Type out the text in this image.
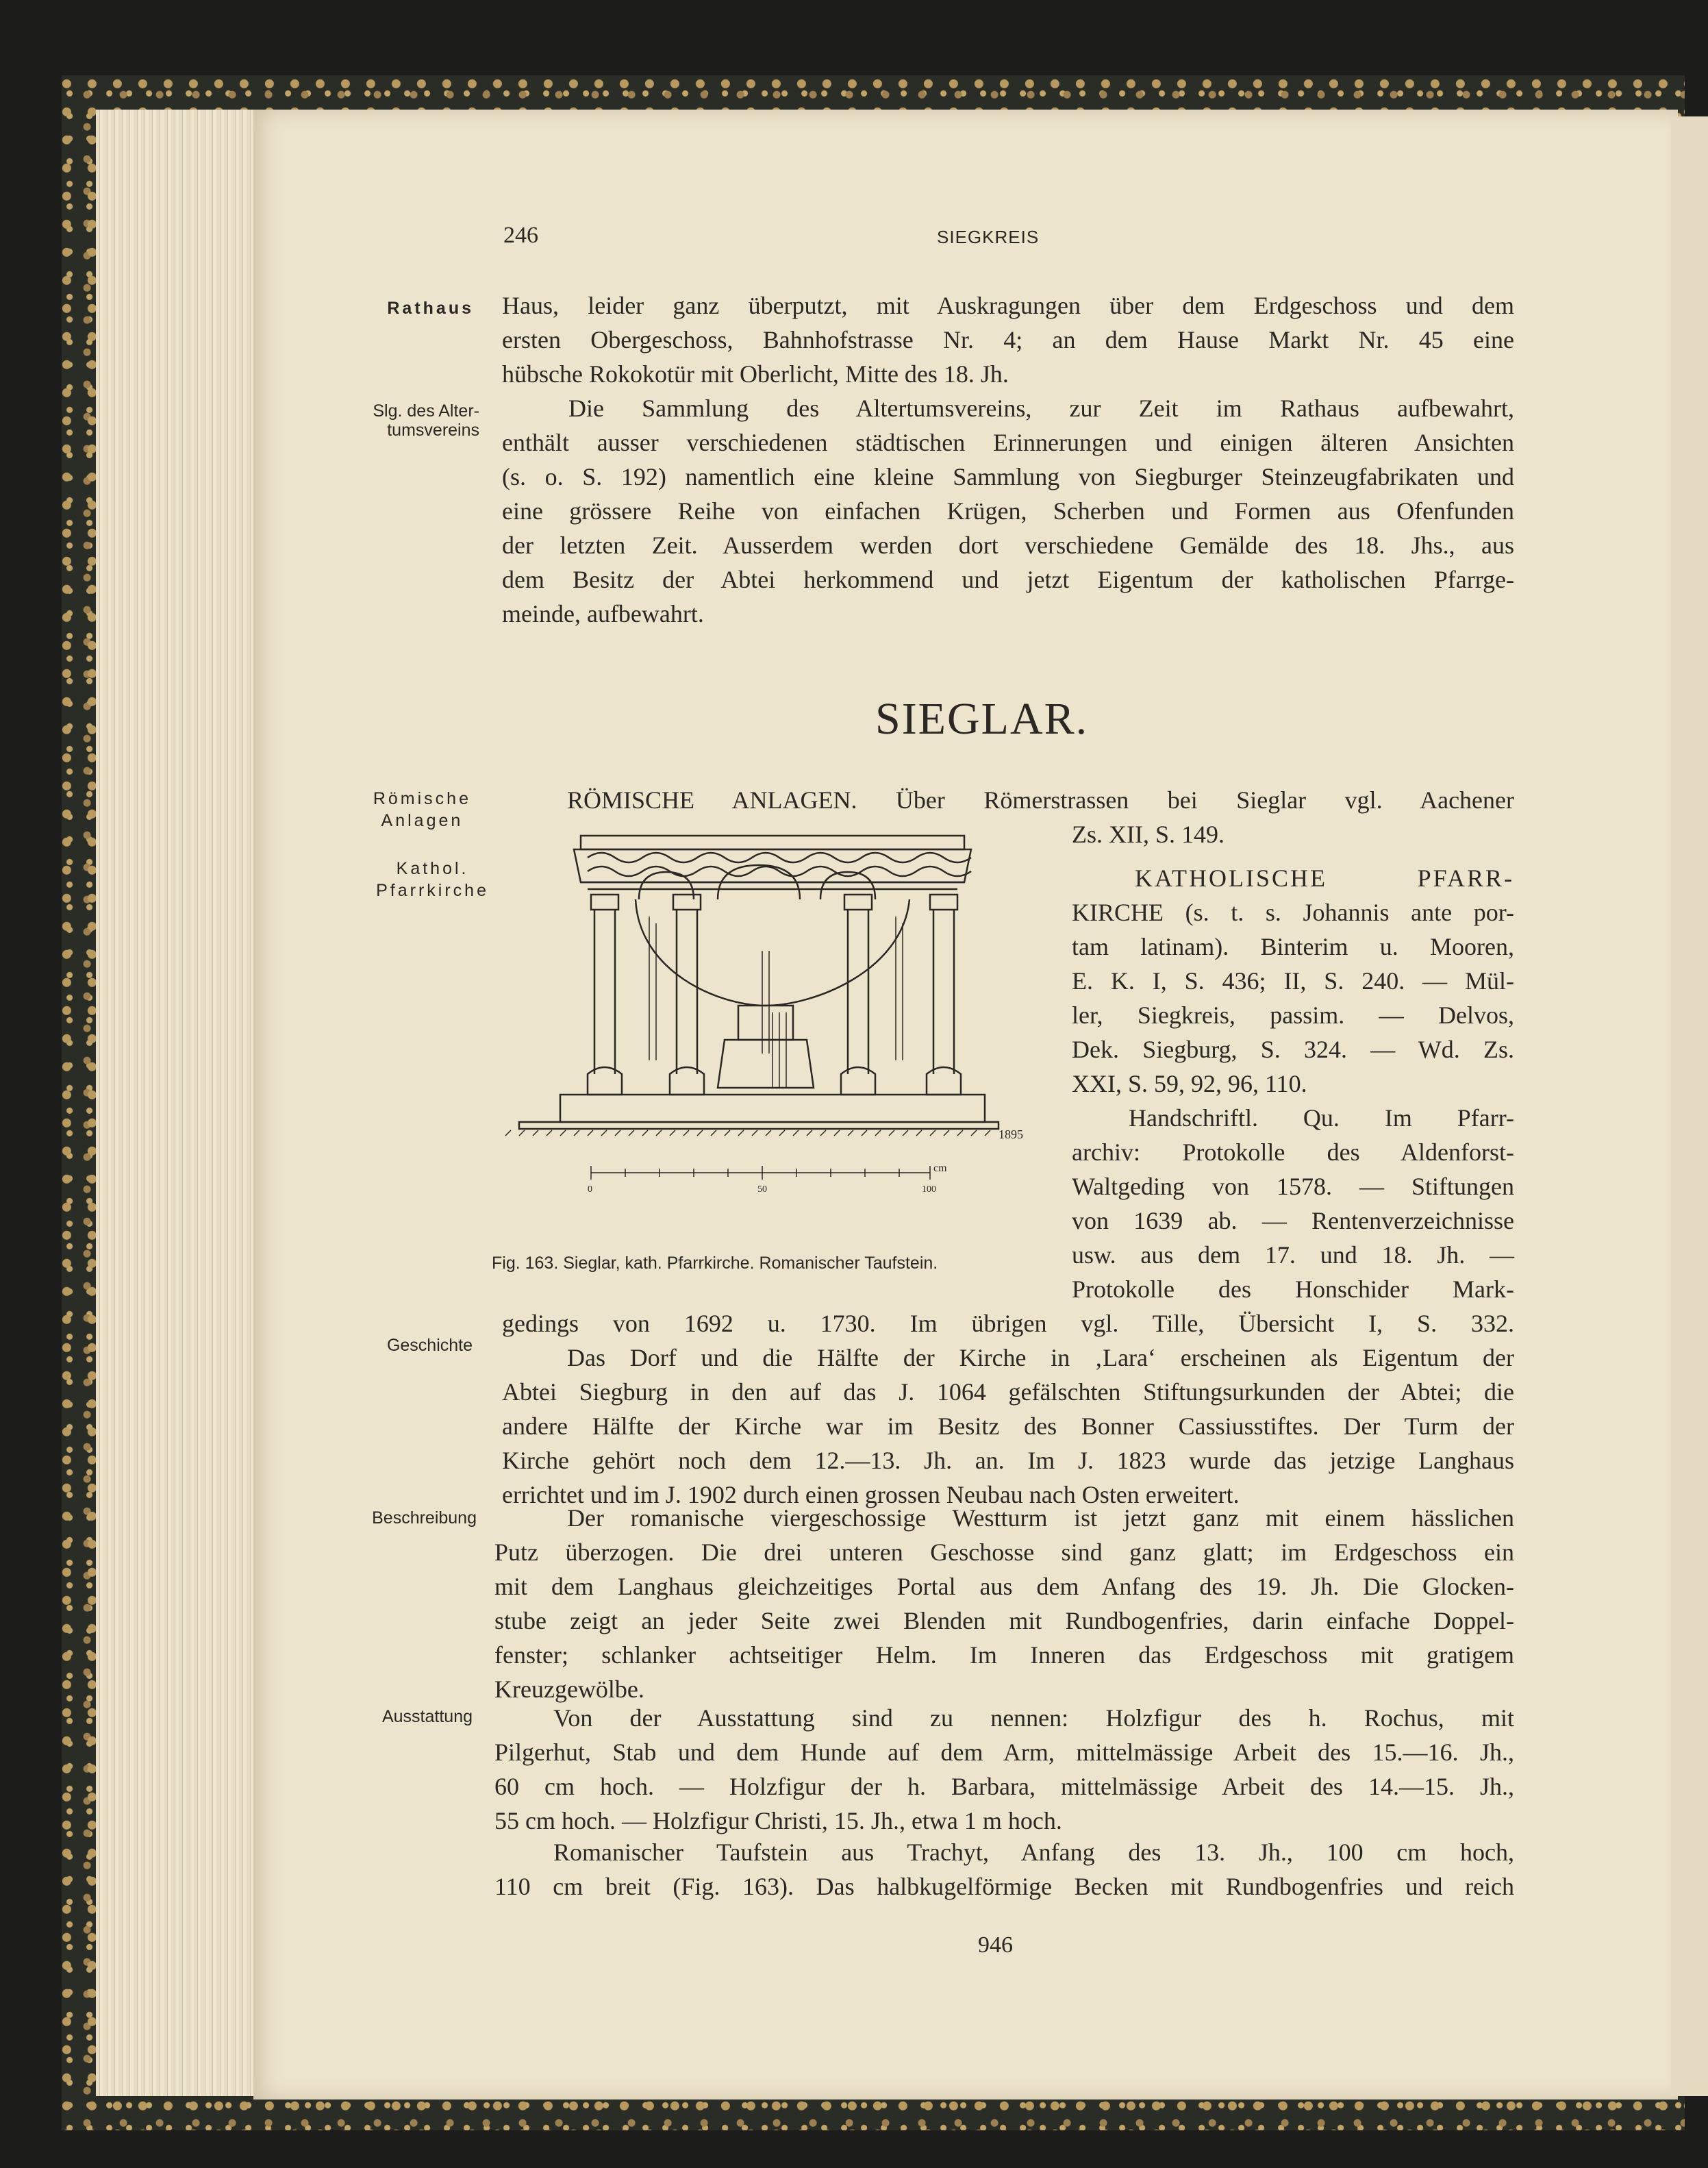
246	SIEGKREIS
Rathaus
Slg. des Alter-
tumsvereins
Römische
Anlagen
Kathol.
Pfarrkirche
Geschichte
Beschreibung
Ausstattung
Haus, leider ganz überputzt, mit Auskragungen über dem Erdgeschoss und dem
ersten Obergeschoss, Bahnhofstrasse Nr. 4; an dem Hause Markt Nr. 45 eine
hübsche Rokokotür mit Oberlicht, Mitte des 18. Jh.
Die Sammlung des Altertumsvereins, zur Zeit im Rathaus aufbewahrt,
enthält ausser verschiedenen städtischen Erinnerungen und einigen älteren Ansichten
(s. o. S. 192) namentlich eine kleine Sammlung von Siegburger Steinzeugfabrikaten und
eine grössere Reihe von einfachen Krügen, Scherben und Formen aus Ofenfunden
der letzten Zeit. Ausserdem werden dort verschiedene Gemälde des 18. Jhs., aus
dem Besitz der Abtei herkommend und jetzt Eigentum der katholischen Pfarrge-
meinde, aufbewahrt.
SIEGLAR.
RÖMISCHE ANLAGEN. Über Römerstrassen bei Sieglar vgl. Aachener
Zs. XII, S. 149.
KATHOLISCHE PFARR-
KIRCHE (s. t. s. Johannis ante por-
tam latinam). Binterim u. Mooren,
E. K. I, S. 436; II, S. 240. — Mül-
ler, Siegkreis, passim. — Delvos,
Dek. Siegburg, S. 324. — Wd. Zs.
XXI, S. 59, 92, 96, 110.
Handschriftl. Qu. Im Pfarr-
archiv: Protokolle des Aldenforst-
Waltgeding von 1578. — Stiftungen
von 1639 ab. — Rentenverzeichnisse
usw. aus dem 17. und 18. Jh. —
Protokolle des Honschider Mark-
1895
cm
0	50	100
Fig. 163. Sieglar, kath. Pfarrkirche. Romanischer Taufstein.
gedings von 1692 u. 1730. Im übrigen vgl. Tille, Übersicht I, S. 332.
Das Dorf und die Hälfte der Kirche in ‚Lara‘ erscheinen als Eigentum der
Abtei Siegburg in den auf das J. 1064 gefälschten Stiftungsurkunden der Abtei; die
andere Hälfte der Kirche war im Besitz des Bonner Cassiusstiftes. Der Turm der
Kirche gehört noch dem 12.—13. Jh. an. Im J. 1823 wurde das jetzige Langhaus
errichtet und im J. 1902 durch einen grossen Neubau nach Osten erweitert.
Der romanische viergeschossige Westturm ist jetzt ganz mit einem hässlichen
Putz überzogen. Die drei unteren Geschosse sind ganz glatt; im Erdgeschoss ein
mit dem Langhaus gleichzeitiges Portal aus dem Anfang des 19. Jh. Die Glocken-
stube zeigt an jeder Seite zwei Blenden mit Rundbogenfries, darin einfache Doppel-
fenster; schlanker achtseitiger Helm. Im Inneren das Erdgeschoss mit gratigem
Kreuzgewölbe.
Von der Ausstattung sind zu nennen: Holzfigur des h. Rochus, mit
Pilgerhut, Stab und dem Hunde auf dem Arm, mittelmässige Arbeit des 15.—16. Jh.,
60 cm hoch. — Holzfigur der h. Barbara, mittelmässige Arbeit des 14.—15. Jh.,
55 cm hoch. — Holzfigur Christi, 15. Jh., etwa 1 m hoch.
Romanischer Taufstein aus Trachyt, Anfang des 13. Jh., 100 cm hoch,
110 cm breit (Fig. 163). Das halbkugelförmige Becken mit Rundbogenfries und reich
946
